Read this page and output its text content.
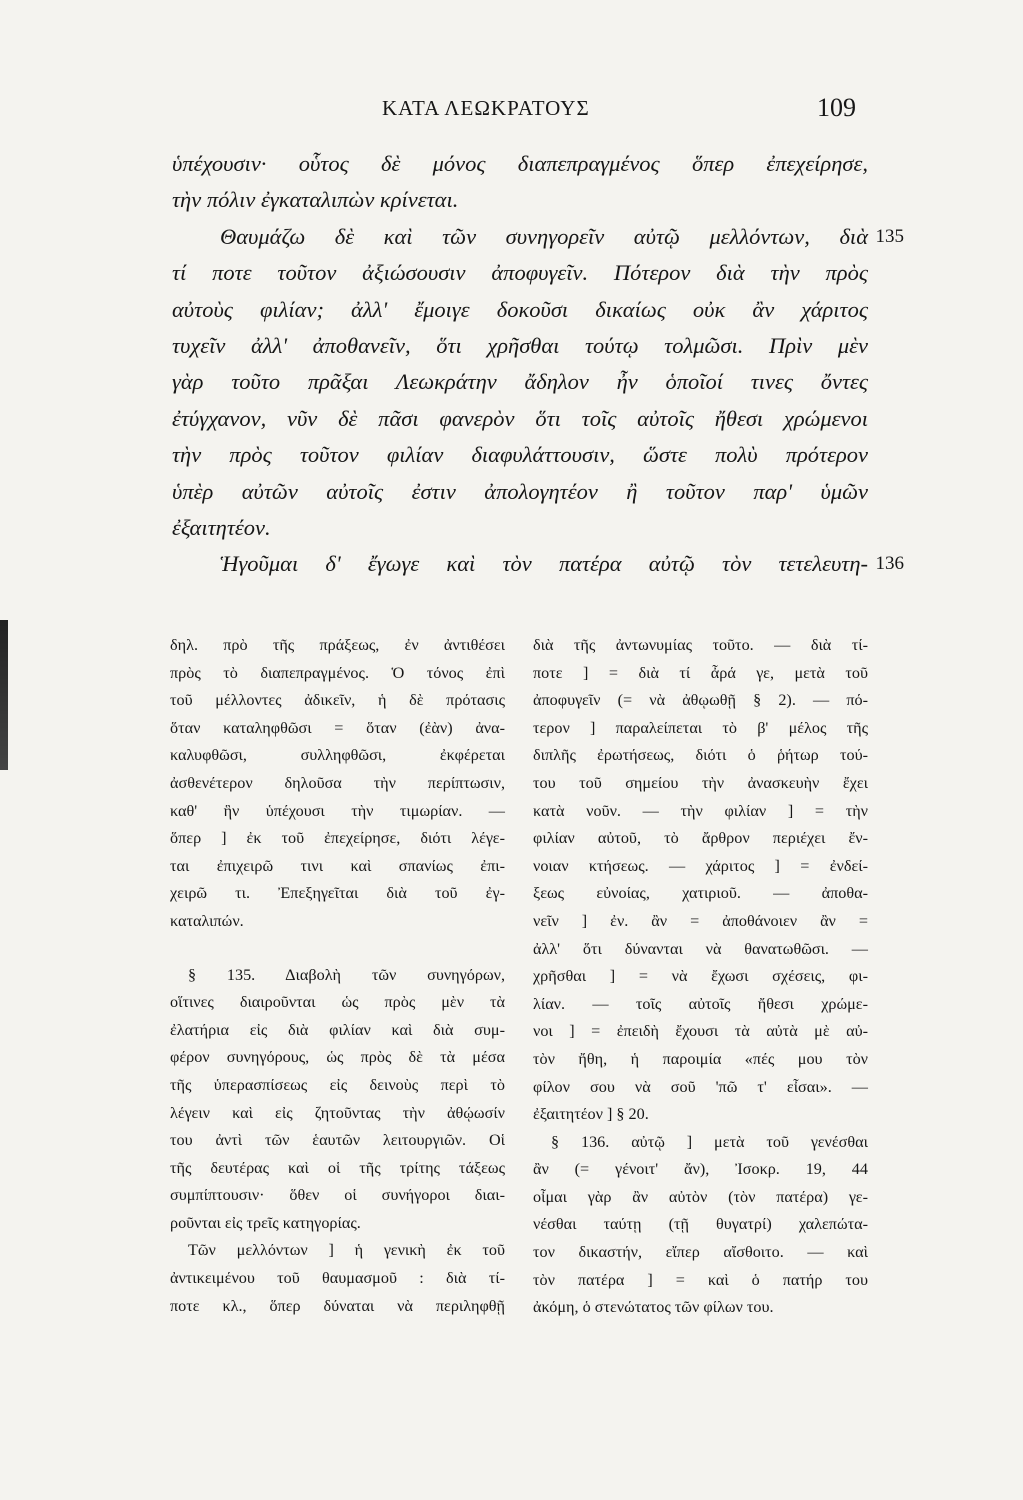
ΚΑΤΑ ΛΕΩΚΡΑΤΟΥΣ	109
ὑπέχουσιν· οὗτος δὲ μόνος διαπεπραγμένος ὅπερ ἐπεχείρησε,
τὴν πόλιν ἐγκαταλιπὼν κρίνεται.
Θαυμάζω δὲ καὶ τῶν συνηγορεῖν αὐτῷ μελλόντων, διὰ 135
τί ποτε τοῦτον ἀξιώσουσιν ἀποφυγεῖν. Πότερον διὰ τὴν πρὸς
αὐτοὺς φιλίαν; ἀλλ' ἔμοιγε δοκοῦσι δικαίως οὐκ ἂν χάριτος
τυχεῖν ἀλλ' ἀποθανεῖν, ὅτι χρῆσθαι τούτῳ τολμῶσι. Πρὶν μὲν
γὰρ τοῦτο πρᾶξαι Λεωκράτην ἄδηλον ἦν ὁποῖοί τινες ὄντες
ἐτύγχανον, νῦν δὲ πᾶσι φανερὸν ὅτι τοῖς αὐτοῖς ἤθεσι χρώμενοι
τὴν πρὸς τοῦτον φιλίαν διαφυλάττουσιν, ὥστε πολὺ πρότερον
ὑπὲρ αὐτῶν αὐτοῖς ἐστιν ἀπολογητέον ἢ τοῦτον παρ' ὑμῶν
ἐξαιτητέον.
Ἡγοῦμαι δ' ἔγωγε καὶ τὸν πατέρα αὐτῷ τὸν τετελευτη- 136
δηλ. πρὸ τῆς πράξεως, ἐν ἀντιθέσει
πρὸς τὸ διαπεπραγμένος. Ὁ τόνος ἐπὶ
τοῦ μέλλοντες ἀδικεῖν, ἡ δὲ πρότασις
ὅταν καταληφθῶσι = ὅταν (ἐὰν) ἀνα-
καλυφθῶσι, συλληφθῶσι, ἐκφέρεται
ἀσθενέτερον δηλοῦσα τὴν περίπτωσιν,
καθ' ἣν ὑπέχουσι τὴν τιμωρίαν. —
ὅπερ ] ἐκ τοῦ ἐπεχείρησε, διότι λέγε-
ται ἐπιχειρῶ τινι καὶ σπανίως ἐπι-
χειρῶ τι. Ἐπεξηγεῖται διὰ τοῦ ἐγ-
καταλιπών.
§ 135. Διαβολὴ τῶν συνηγόρων,
οἵτινες διαιροῦνται ὡς πρὸς μὲν τὰ
ἐλατήρια εἰς διὰ φιλίαν καὶ διὰ συμ-
φέρον συνηγόρους, ὡς πρὸς δὲ τὰ μέσα
τῆς ὑπερασπίσεως εἰς δεινοὺς περὶ τὸ
λέγειν καὶ εἰς ζητοῦντας τὴν ἀθῴωσίν
του ἀντὶ τῶν ἑαυτῶν λειτουργιῶν. Οἱ
τῆς δευτέρας καὶ οἱ τῆς τρίτης τάξεως
συμπίπτουσιν· ὅθεν οἱ συνήγοροι διαι-
ροῦνται εἰς τρεῖς κατηγορίας.
Τῶν μελλόντων ] ἡ γενικὴ ἐκ τοῦ
ἀντικειμένου τοῦ θαυμασμοῦ : διὰ τί-
ποτε κλ., ὅπερ δύναται νὰ περιληφθῇ
διὰ τῆς ἀντωνυμίας τοῦτο. — διὰ τί-
ποτε ] = διὰ τί ἆρά γε, μετὰ τοῦ
ἀποφυγεῖν (= νὰ ἀθῳωθῇ § 2). — πό-
τερον ] παραλείπεται τὸ β' μέλος τῆς
διπλῆς ἐρωτήσεως, διότι ὁ ῥήτωρ τού-
του τοῦ σημείου τὴν ἀνασκευὴν ἔχει
κατὰ νοῦν. — τὴν φιλίαν ] = τὴν
φιλίαν αὐτοῦ, τὸ ἄρθρον περιέχει ἔν-
νοιαν κτήσεως. — χάριτος ] = ἐνδεί-
ξεως εὐνοίας, χατιριοῦ. — ἀποθα-
νεῖν ] ἐν. ἂν = ἀποθάνοιεν ἂν =
ἀλλ' ὅτι δύνανται νὰ θανατωθῶσι. —
χρῆσθαι ] = νὰ ἔχωσι σχέσεις, φι-
λίαν. — τοῖς αὐτοῖς ἤθεσι χρώμε-
νοι ] = ἐπειδὴ ἔχουσι τὰ αὐτὰ μὲ αὐ-
τὸν ἤθη, ἡ παροιμία «πές μου τὸν
φίλον σου νὰ σοῦ 'πῶ τ' εἶσαι». —
ἐξαιτητέον ] § 20.
§ 136. αὐτῷ ] μετὰ τοῦ γενέσθαι
ἂν (= γένοιτ' ἄν), Ἰσοκρ. 19, 44
οἶμαι γὰρ ἂν αὐτὸν (τὸν πατέρα) γε-
νέσθαι ταύτῃ (τῇ θυγατρί) χαλεπώτα-
τον δικαστήν, εἴπερ αἴσθοιτο. — καὶ
τὸν πατέρα ] = καὶ ὁ πατήρ του
ἀκόμη, ὁ στενώτατος τῶν φίλων του.
